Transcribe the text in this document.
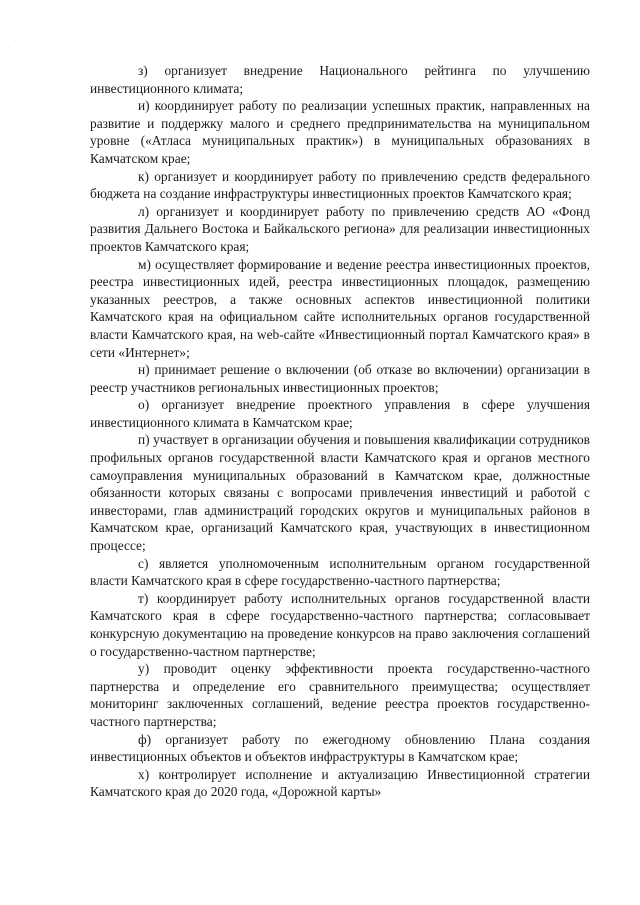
·

з) организует внедрение Национального рейтинга по улучшению инвестиционного климата;

и) координирует работу по реализации успешных практик, направленных на развитие и поддержку малого и среднего предпринимательства на муниципальном уровне («Атласа муниципальных практик») в муниципальных образованиях в Камчатском крае;

к) организует и координирует работу по привлечению средств федерального бюджета на создание инфраструктуры инвестиционных проектов Камчатского края;

л) организует и координирует работу по привлечению средств АО «Фонд развития Дальнего Востока и Байкальского региона» для реализации инвестиционных проектов Камчатского края;

м) осуществляет формирование и ведение реестра инвестиционных проектов, реестра инвестиционных идей, реестра инвестиционных площадок, размещению указанных реестров, а также основных аспектов инвестиционной политики Камчатского края на официальном сайте исполнительных органов государственной власти Камчатского края, на web-сайте «Инвестиционный портал Камчатского края» в сети «Интернет»;

н) принимает решение о включении (об отказе во включении) организации в реестр участников региональных инвестиционных проектов;

о) организует внедрение проектного управления в сфере улучшения инвестиционного климата в Камчатском крае;

п) участвует в организации обучения и повышения квалификации сотрудников профильных органов государственной власти Камчатского края и органов местного самоуправления муниципальных образований в Камчатском крае, должностные обязанности которых связаны с вопросами привлечения инвестиций и работой с инвесторами, глав администраций городских округов и муниципальных районов в Камчатском крае, организаций Камчатского края, участвующих в инвестиционном процессе;

с) является уполномоченным исполнительным органом государственной власти Камчатского края в сфере государственно-частного партнерства;

т) координирует работу исполнительных органов государственной власти Камчатского края в сфере государственно-частного партнерства; согласовывает конкурсную документацию на проведение конкурсов на право заключения соглашений о государственно-частном партнерстве;

у) проводит оценку эффективности проекта государственно-частного партнерства и определение его сравнительного преимущества; осуществляет мониторинг заключенных соглашений, ведение реестра проектов государственно-частного партнерства;

ф) организует работу по ежегодному обновлению Плана создания инвестиционных объектов и объектов инфраструктуры в Камчатском крае;

х) контролирует исполнение и актуализацию Инвестиционной стратегии Камчатского края до 2020 года, «Дорожной карты»
